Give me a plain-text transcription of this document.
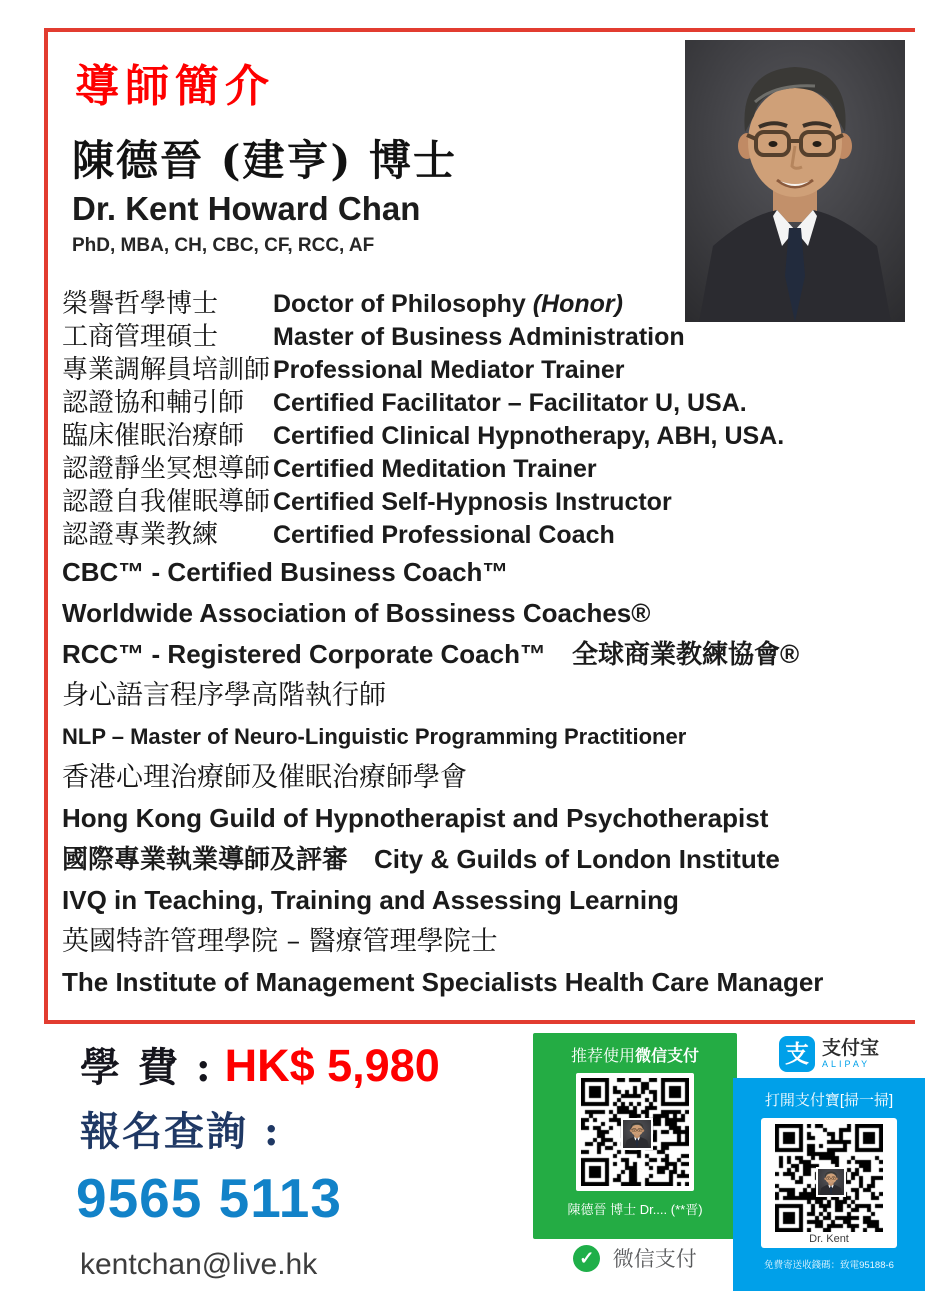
導師簡介
陳德晉 (建亨) 博士
Dr. Kent Howard Chan
PhD, MBA, CH, CBC, CF, RCC, AF
榮譽哲學博士	Doctor of Philosophy (Honor)
工商管理碩士	Master of Business Administration
專業調解員培訓師 Professional Mediator Trainer
認證協和輔引師	Certified Facilitator – Facilitator U, USA.
臨床催眠治療師	Certified Clinical Hypnotherapy, ABH, USA.
認證靜坐冥想導師 Certified Meditation Trainer
認證自我催眠導師 Certified Self-Hypnosis Instructor
認證專業教練	Certified Professional Coach
CBC™ - Certified Business Coach™
Worldwide Association of Bossiness Coaches®
RCC™ - Registered Corporate Coach™　全球商業教練協會®
身心語言程序學高階執行師
NLP – Master of Neuro-Linguistic Programming Practitioner
香港心理治療師及催眠治療師學會
Hong Kong Guild of Hypnotherapist and Psychotherapist
國際專業執業導師及評審　City & Guilds of London Institute
IVQ in Teaching, Training and Assessing Learning
英國特許管理學院 – 醫療管理學院士
The Institute of Management Specialists Health Care Manager
學 費 : HK$ 5,980
報名查詢 :
9565 5113
kentchan@live.hk
推荐使用微信支付
陳德晉 博士 Dr.... (**晋)
✓ 微信支付
支 支付宝
ALIPAY
打開支付寶[掃一掃]
Dr. Kent
免費寄送收錢碼：致電95188-6
